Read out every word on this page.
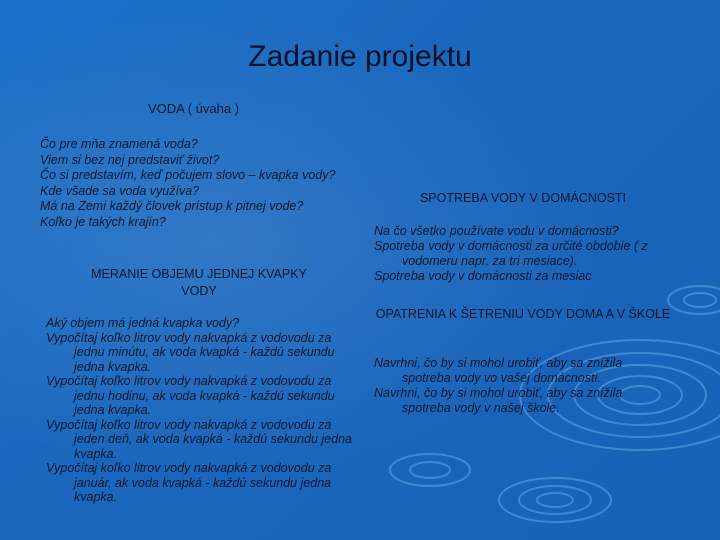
Zadanie projektu
VODA ( úvaha )
Čo pre mňa znamená voda?
Viem si bez nej predstaviť život?
Čo si predstavím, keď počujem slovo – kvapka vody?
Kde všade sa voda využíva?
Má na Zemi každý človek prístup k pitnej vode?
Koľko je takých krajín?
MERANIE OBJEMU JEDNEJ KVAPKY VODY
Aký objem má jedná kvapka vody?
Vypočítaj koľko litrov vody nakvapká z vodovodu za jednu minútu, ak voda kvapká - každú sekundu jedna kvapka.
Vypočítaj koľko litrov vody nakvapká z vodovodu za jednu hodinu, ak voda kvapká - každú sekundu jedna kvapka.
Vypočítaj koľko litrov vody nakvapká z vodovodu za jeden deň, ak voda kvapká - každú sekundu jedna kvapka.
Vypočítaj koľko litrov vody nakvapká z vodovodu za január, ak voda kvapká - každú sekundu jedna kvapka.
SPOTREBA VODY V DOMÁCNOSTI
Na čo všetko používate vodu v domácnosti?
Spotreba vody v domácnosti za určité obdobie ( z vodomeru napr. za tri mesiace).
Spotreba vody v domácnosti za mesiac
OPATRENIA K ŠETRENIU VODY DOMA A V ŠKOLE
Navrhni, čo by si mohol urobiť, aby sa znížila spotreba vody vo vašej domácnosti.
Navrhni, čo by si mohol urobiť, aby sa znížila spotreba vody v našej škole.
